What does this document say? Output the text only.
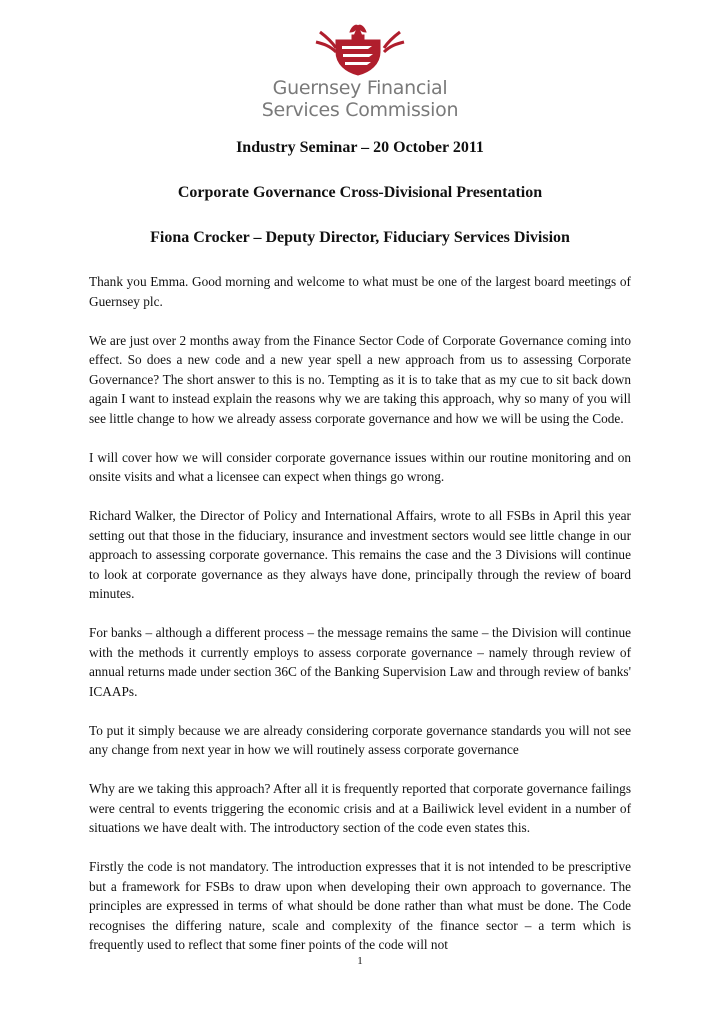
Guernsey Financial
Services Commission
Industry Seminar – 20 October 2011
Corporate Governance Cross-Divisional Presentation
Fiona Crocker – Deputy Director, Fiduciary Services Division

Thank you Emma. Good morning and welcome to what must be one of the largest board meetings of Guernsey plc.

We are just over 2 months away from the Finance Sector Code of Corporate Governance coming into effect. So does a new code and a new year spell a new approach from us to assessing Corporate Governance? The short answer to this is no. Tempting as it is to take that as my cue to sit back down again I want to instead explain the reasons why we are taking this approach, why so many of you will see little change to how we already assess corporate governance and how we will be using the Code.

I will cover how we will consider corporate governance issues within our routine monitoring and on onsite visits and what a licensee can expect when things go wrong.

Richard Walker, the Director of Policy and International Affairs, wrote to all FSBs in April this year setting out that those in the fiduciary, insurance and investment sectors would see little change in our approach to assessing corporate governance. This remains the case and the 3 Divisions will continue to look at corporate governance as they always have done, principally through the review of board minutes.

For banks – although a different process – the message remains the same – the Division will continue with the methods it currently employs to assess corporate governance – namely through review of annual returns made under section 36C of the Banking Supervision Law and through review of banks' ICAAPs.

To put it simply because we are already considering corporate governance standards you will not see any change from next year in how we will routinely assess corporate governance

Why are we taking this approach? After all it is frequently reported that corporate governance failings were central to events triggering the economic crisis and at a Bailiwick level evident in a number of situations we have dealt with. The introductory section of the code even states this.

Firstly the code is not mandatory. The introduction expresses that it is not intended to be prescriptive but a framework for FSBs to draw upon when developing their own approach to governance. The principles are expressed in terms of what should be done rather than what must be done. The Code recognises the differing nature, scale and complexity of the finance sector – a term which is frequently used to reflect that some finer points of the code will not

1
